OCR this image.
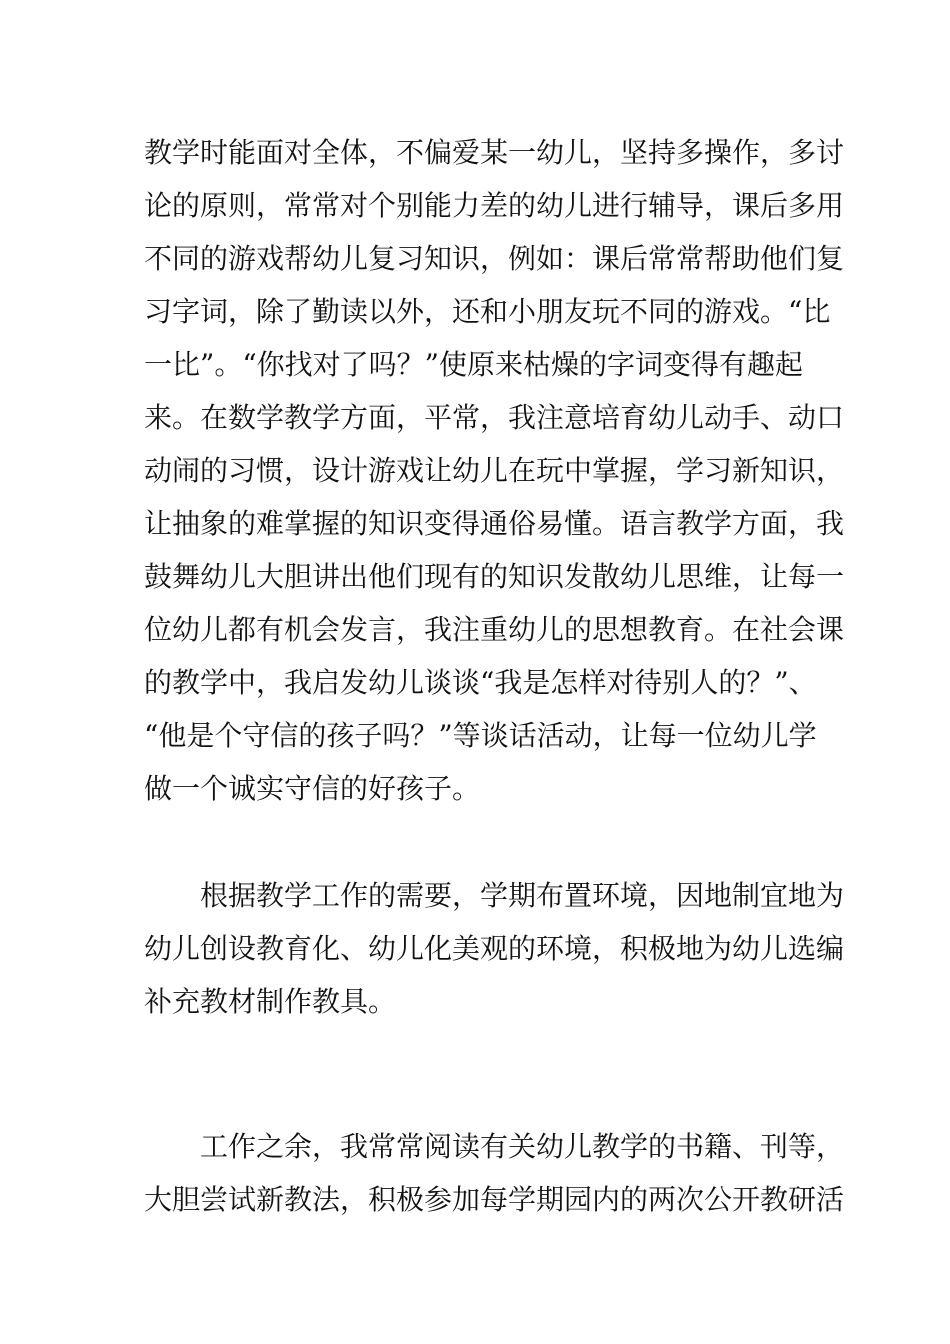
教学时能面对全体，不偏爱某一幼儿，坚持多操作，多讨
论的原则，常常对个别能力差的幼儿进行辅导，课后多用
不同的游戏帮幼儿复习知识，例如：课后常常帮助他们复
习字词，除了勤读以外，还和小朋友玩不同的游戏。“比
一比”。“你找对了吗？”使原来枯燥的字词变得有趣起
来。在数学教学方面，平常，我注意培育幼儿动手、动口
动闹的习惯，设计游戏让幼儿在玩中掌握，学习新知识，
让抽象的难掌握的知识变得通俗易懂。语言教学方面，我
鼓舞幼儿大胆讲出他们现有的知识发散幼儿思维，让每一
位幼儿都有机会发言，我注重幼儿的思想教育。在社会课
的教学中，我启发幼儿谈谈“我是怎样对待别人的？”、
“他是个守信的孩子吗？”等谈话活动，让每一位幼儿学
做一个诚实守信的好孩子。
　　根据教学工作的需要，学期布置环境，因地制宜地为
幼儿创设教育化、幼儿化美观的环境，积极地为幼儿选编
补充教材制作教具。
　　工作之余，我常常阅读有关幼儿教学的书籍、刊等，
大胆尝试新教法，积极参加每学期园内的两次公开教研活
